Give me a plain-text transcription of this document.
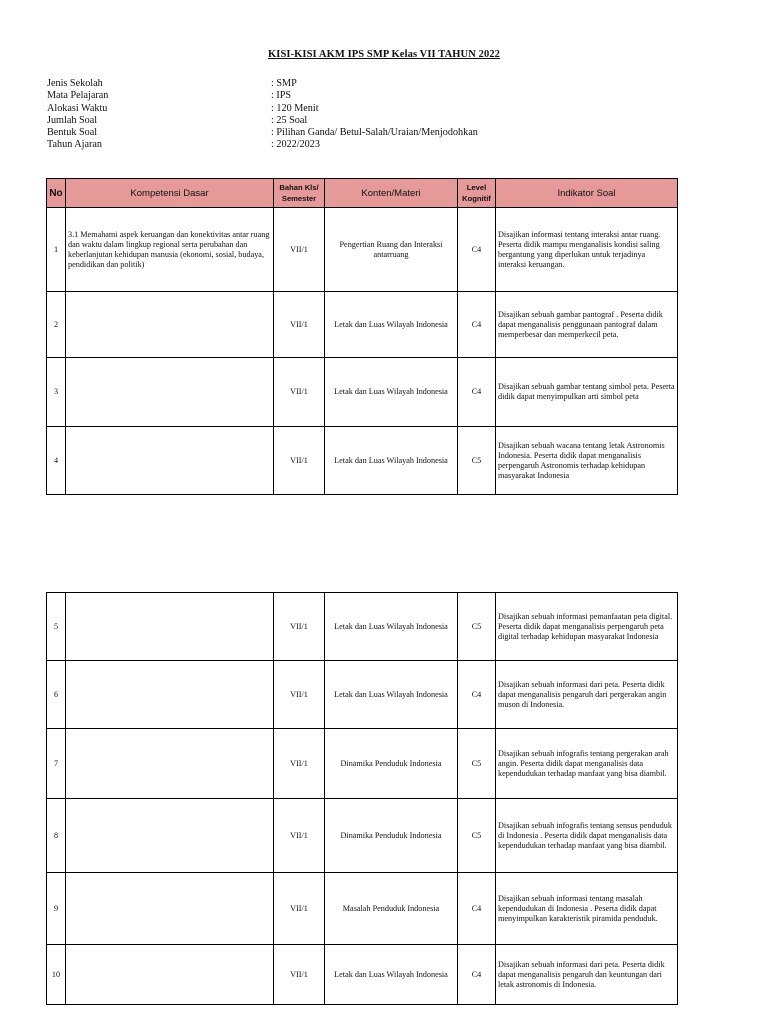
KISI-KISI AKM IPS SMP Kelas VII TAHUN 2022
Jenis Sekolah	: SMP
Mata Pelajaran	: IPS
Alokasi Waktu	: 120 Menit
Jumlah Soal	: 25 Soal
Bentuk Soal	: Pilihan Ganda/ Betul-Salah/Uraian/Menjodohkan
Tahun Ajaran	: 2022/2023
No	Kompetensi Dasar	Bahan Kls/ Semester	Konten/Materi	Level Kognitif	Indikator Soal
1	3.1 Memahami aspek keruangan dan konektivitas antar ruang dan waktu dalam lingkup regional serta perubahan dan keberlanjutan kehidupan manusia (ekonomi, sosial, budaya, pendidikan dan politik)	VII/1	Pengertian Ruang dan Interaksi antarruang	C4	Disajikan informasi tentang interaksi antar ruang. Peserta didik mampu menganalisis kondisi saling bergantung yang diperlukan untuk terjadinya interaksi keruangan.
2		VII/1	Letak dan Luas Wilayah Indonesia	C4	Disajikan sebuah gambar pantograf . Peserta didik dapat menganalisis penggunaan pantograf dalam memperbesar dan memperkecil peta.
3		VII/1	Letak dan Luas Wilayah Indonesia	C4	Disajikan sebuah gambar tentang simbol peta. Peserta didik dapat menyimpulkan arti simbol peta
4		VII/1	Letak dan Luas Wilayah Indonesia	C5	Disajikan sebuah wacana tentang letak Astronomis Indonesia. Peserta didik dapat menganalisis perpengaruh Astronomis terhadap kehidupan masyarakat Indonesia
5		VII/1	Letak dan Luas Wilayah Indonesia	C5	Disajikan sebuah informasi pemanfaatan peta digital. Peserta didik dapat menganalisis perpengaruh peta digital terhadap kehidupan masyarakat Indonesia
6		VII/1	Letak dan Luas Wilayah Indonesia	C4	Disajikan sebuah informasi dari peta. Peserta didik dapat menganalisis pengaruh dari pergerakan angin muson di Indonesia.
7		VII/1	Dinamika Penduduk Indonesia	C5	Disajikan sebuah infografis tentang pergerakan arah angin. Peserta didik dapat menganalisis data kependudukan terhadap manfaat yang bisa diambil.
8		VII/1	Dinamika Penduduk Indonesia	C5	Disajikan sebuah infografis tentang sensus penduduk di Indonesia . Peserta didik dapat menganalisis data kependudukan terhadap manfaat yang bisa diambil.
9		VII/1	Masalah Penduduk Indonesia	C4	Disajikan sebuah informasi tentang masalah kependudukan di Indonesia . Peserta didik dapat menyimpulkan karakteristik piramida penduduk.
10		VII/1	Letak dan Luas Wilayah Indonesia	C4	Disajikan sebuah informasi dari peta. Peserta didik dapat menganalisis pengaruh dan keuntungan dari letak astronomis di Indonesia.
